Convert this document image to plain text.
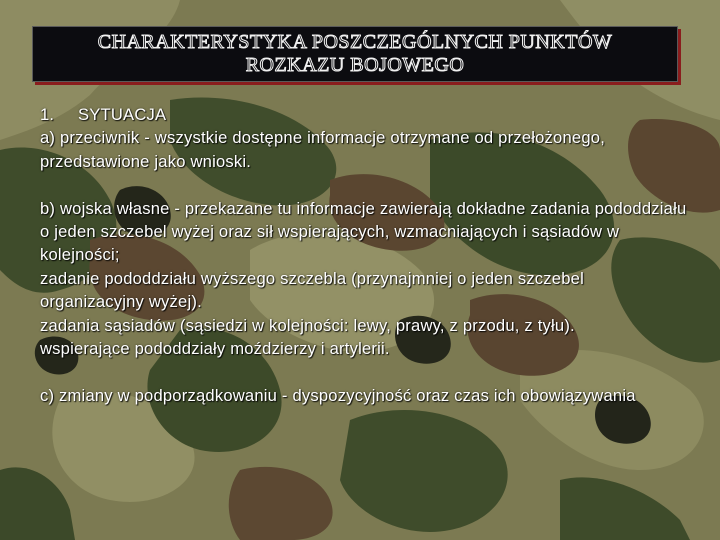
CHARAKTERYSTYKA POSZCZEGÓLNYCH PUNKTÓW
ROZKAZU BOJOWEGO

1.	SYTUACJA

a) przeciwnik - wszystkie dostępne informacje otrzymane od przełożonego, przedstawione jako wnioski.

b) wojska własne - przekazane tu informacje zawierają dokładne zadania pododdziału o jeden szczebel wyżej oraz sił wspierających, wzmacniających i sąsiadów w kolejności;

zadanie pododdziału wyższego szczebla (przynajmniej o jeden szczebel organizacyjny wyżej).

zadania sąsiadów (sąsiedzi w kolejności: lewy, prawy, z przodu, z tyłu).

wspierające pododdziały moździerzy i artylerii.

c) zmiany w podporządkowaniu - dyspozycyjność oraz czas ich obowiązywania
